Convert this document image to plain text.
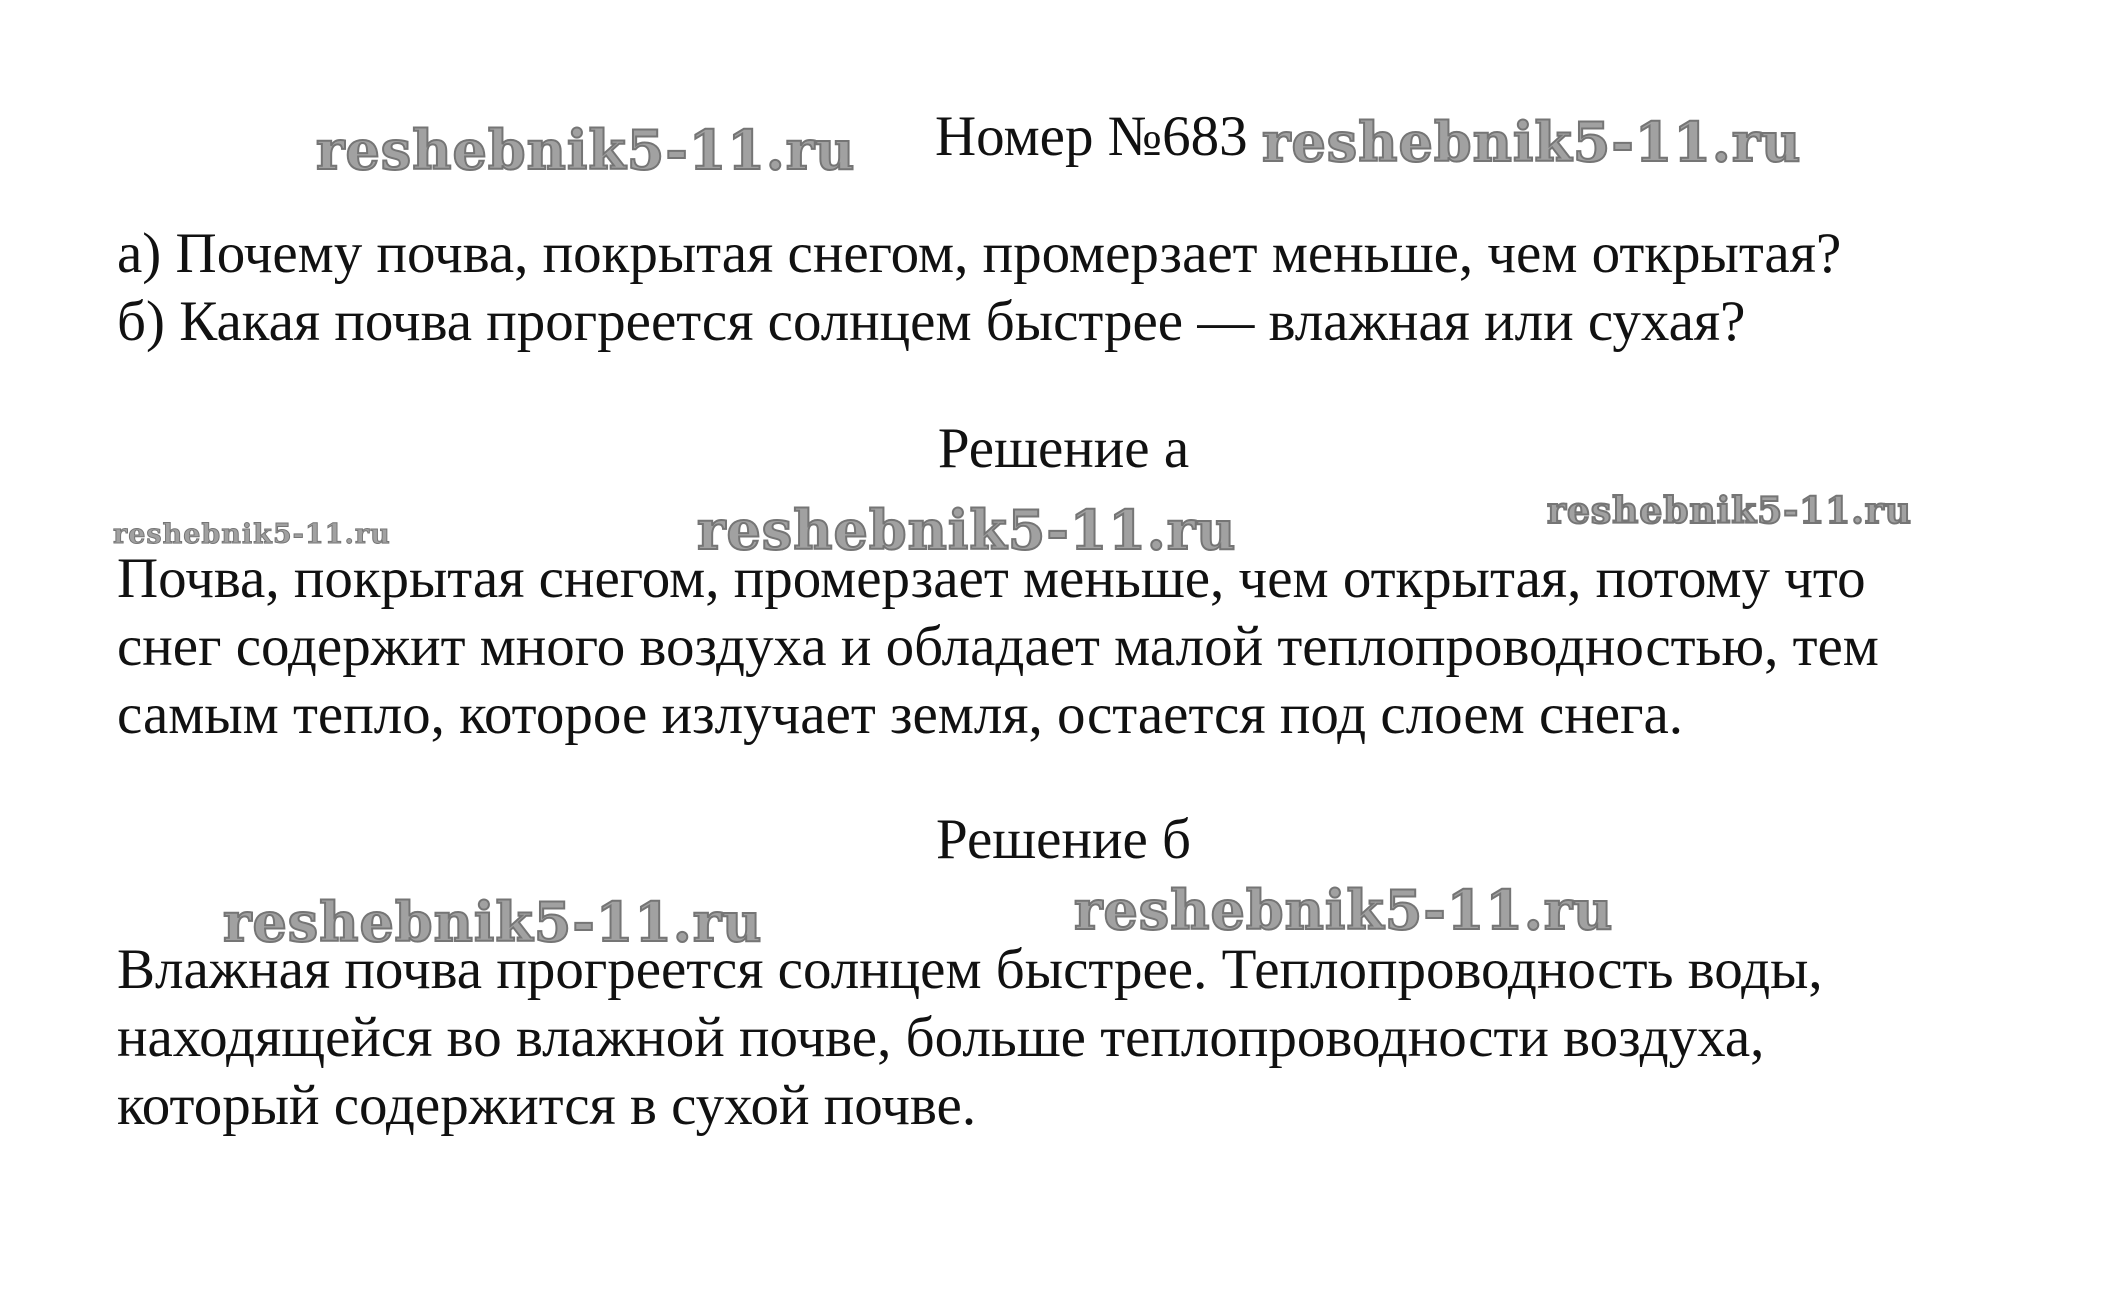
Номер №683
а) Почему почва, покрытая снегом, промерзает меньше, чем открытая?
б) Какая почва прогреется солнцем быстрее — влажная или сухая?
Решение а
Почва, покрытая снегом, промерзает меньше, чем открытая, потому что
снег содержит много воздуха и обладает малой теплопроводностью, тем
самым тепло, которое излучает земля, остается под слоем снега.
Решение б
Влажная почва прогреется солнцем быстрее. Теплопроводность воды,
находящейся во влажной почве, больше теплопроводности воздуха,
который содержится в сухой почве.
reshebnik5-11.ru	reshebnik5-11.ru
reshebnik5-11.ru	reshebnik5-11.ru	reshebnik5-11.ru
reshebnik5-11.ru	reshebnik5-11.ru
